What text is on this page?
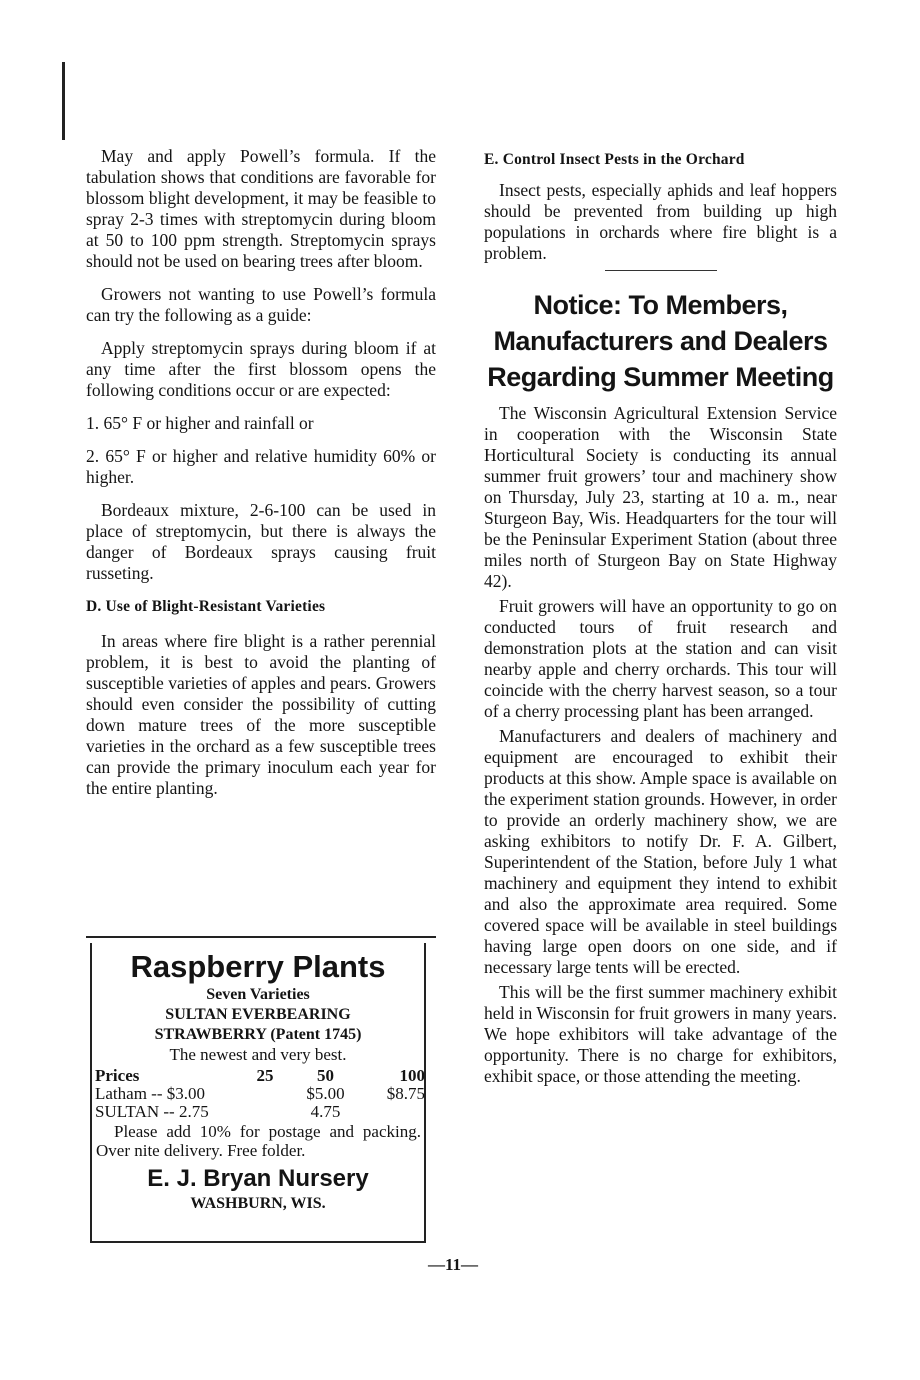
May and apply Powell’s formula. If the tabulation shows that conditions are favorable for blossom blight development, it may be feasible to spray 2-3 times with streptomycin during bloom at 50 to 100 ppm strength. Streptomycin sprays should not be used on bearing trees after bloom.

Growers not wanting to use Powell’s formula can try the following as a guide:

Apply streptomycin sprays during bloom if at any time after the first blossom opens the following conditions occur or are expected:

1. 65° F or higher and rainfall or

2. 65° F or higher and relative humidity 60% or higher.

Bordeaux mixture, 2-6-100 can be used in place of streptomycin, but there is always the danger of Bordeaux sprays causing fruit russeting.

D. Use of Blight-Resistant Varieties

In areas where fire blight is a rather perennial problem, it is best to avoid the planting of susceptible varieties of apples and pears. Growers should even consider the possibility of cutting down mature trees of the more susceptible varieties in the orchard as a few susceptible trees can provide the primary inoculum each year for the entire planting.

Raspberry Plants
Seven Varieties
SULTAN EVERBEARING
STRAWBERRY (Patent 1745)
The newest and very best.
Prices	25	50	100
Latham -- $3.00		$5.00	$8.75
SULTAN -- 2.75		4.75	
Please add 10% for postage and packing. Over nite delivery. Free folder.
E. J. Bryan Nursery
WASHBURN, WIS.
E. Control Insect Pests in the Orchard

Insect pests, especially aphids and leaf hoppers should be prevented from building up high populations in orchards where fire blight is a problem.

Notice: To Members, Manufacturers and Dealers Regarding Summer Meeting

The Wisconsin Agricultural Extension Service in cooperation with the Wisconsin State Horticultural Society is conducting its annual summer fruit growers’ tour and machinery show on Thursday, July 23, starting at 10 a. m., near Sturgeon Bay, Wis. Headquarters for the tour will be the Peninsular Experiment Station (about three miles north of Sturgeon Bay on State Highway 42).

Fruit growers will have an opportunity to go on conducted tours of fruit research and demonstration plots at the station and can visit nearby apple and cherry orchards. This tour will coincide with the cherry harvest season, so a tour of a cherry processing plant has been arranged.

Manufacturers and dealers of machinery and equipment are encouraged to exhibit their products at this show. Ample space is available on the experiment station grounds. However, in order to provide an orderly machinery show, we are asking exhibitors to notify Dr. F. A. Gilbert, Superintendent of the Station, before July 1 what machinery and equipment they intend to exhibit and also the approximate area required. Some covered space will be available in steel buildings having large open doors on one side, and if necessary large tents will be erected.

This will be the first summer machinery exhibit held in Wisconsin for fruit growers in many years. We hope exhibitors will take advantage of the opportunity. There is no charge for exhibitors, exhibit space, or those attending the meeting.

—11—
